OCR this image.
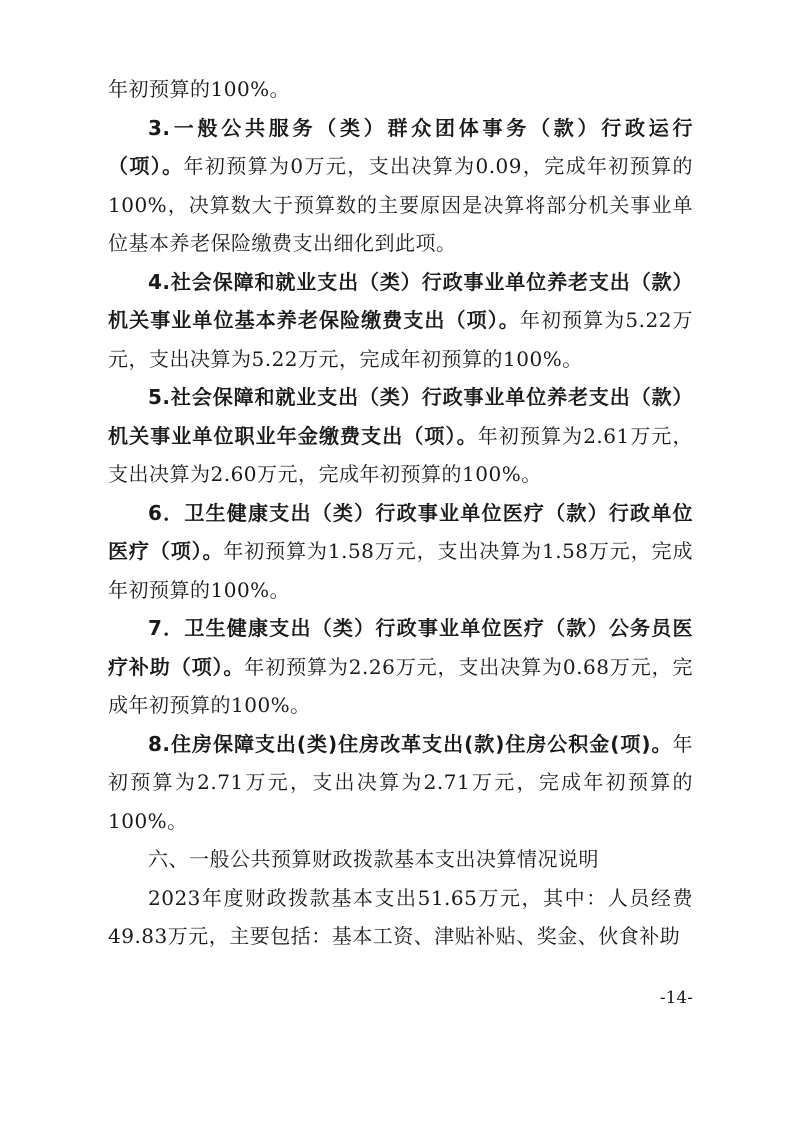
年初预算的100%。

3.一般公共服务（类）群众团体事务（款）行政运行（项）。年初预算为0万元，支出决算为0.09，完成年初预算的100%，决算数大于预算数的主要原因是决算将部分机关事业单位基本养老保险缴费支出细化到此项。

4.社会保障和就业支出（类）行政事业单位养老支出（款）机关事业单位基本养老保险缴费支出（项）。年初预算为5.22万元，支出决算为5.22万元，完成年初预算的100%。

5.社会保障和就业支出（类）行政事业单位养老支出（款）机关事业单位职业年金缴费支出（项）。年初预算为2.61万元，支出决算为2.60万元，完成年初预算的100%。

6．卫生健康支出（类）行政事业单位医疗（款）行政单位医疗（项）。年初预算为1.58万元，支出决算为1.58万元，完成年初预算的100%。

7．卫生健康支出（类）行政事业单位医疗（款）公务员医疗补助（项）。年初预算为2.26万元，支出决算为0.68万元，完成年初预算的100%。

8.住房保障支出(类)住房改革支出(款)住房公积金(项)。年初预算为2.71万元，支出决算为2.71万元，完成年初预算的100%。

六、一般公共预算财政拨款基本支出决算情况说明

2023年度财政拨款基本支出51.65万元，其中：人员经费49.83万元，主要包括：基本工资、津贴补贴、奖金、伙食补助

-14-
